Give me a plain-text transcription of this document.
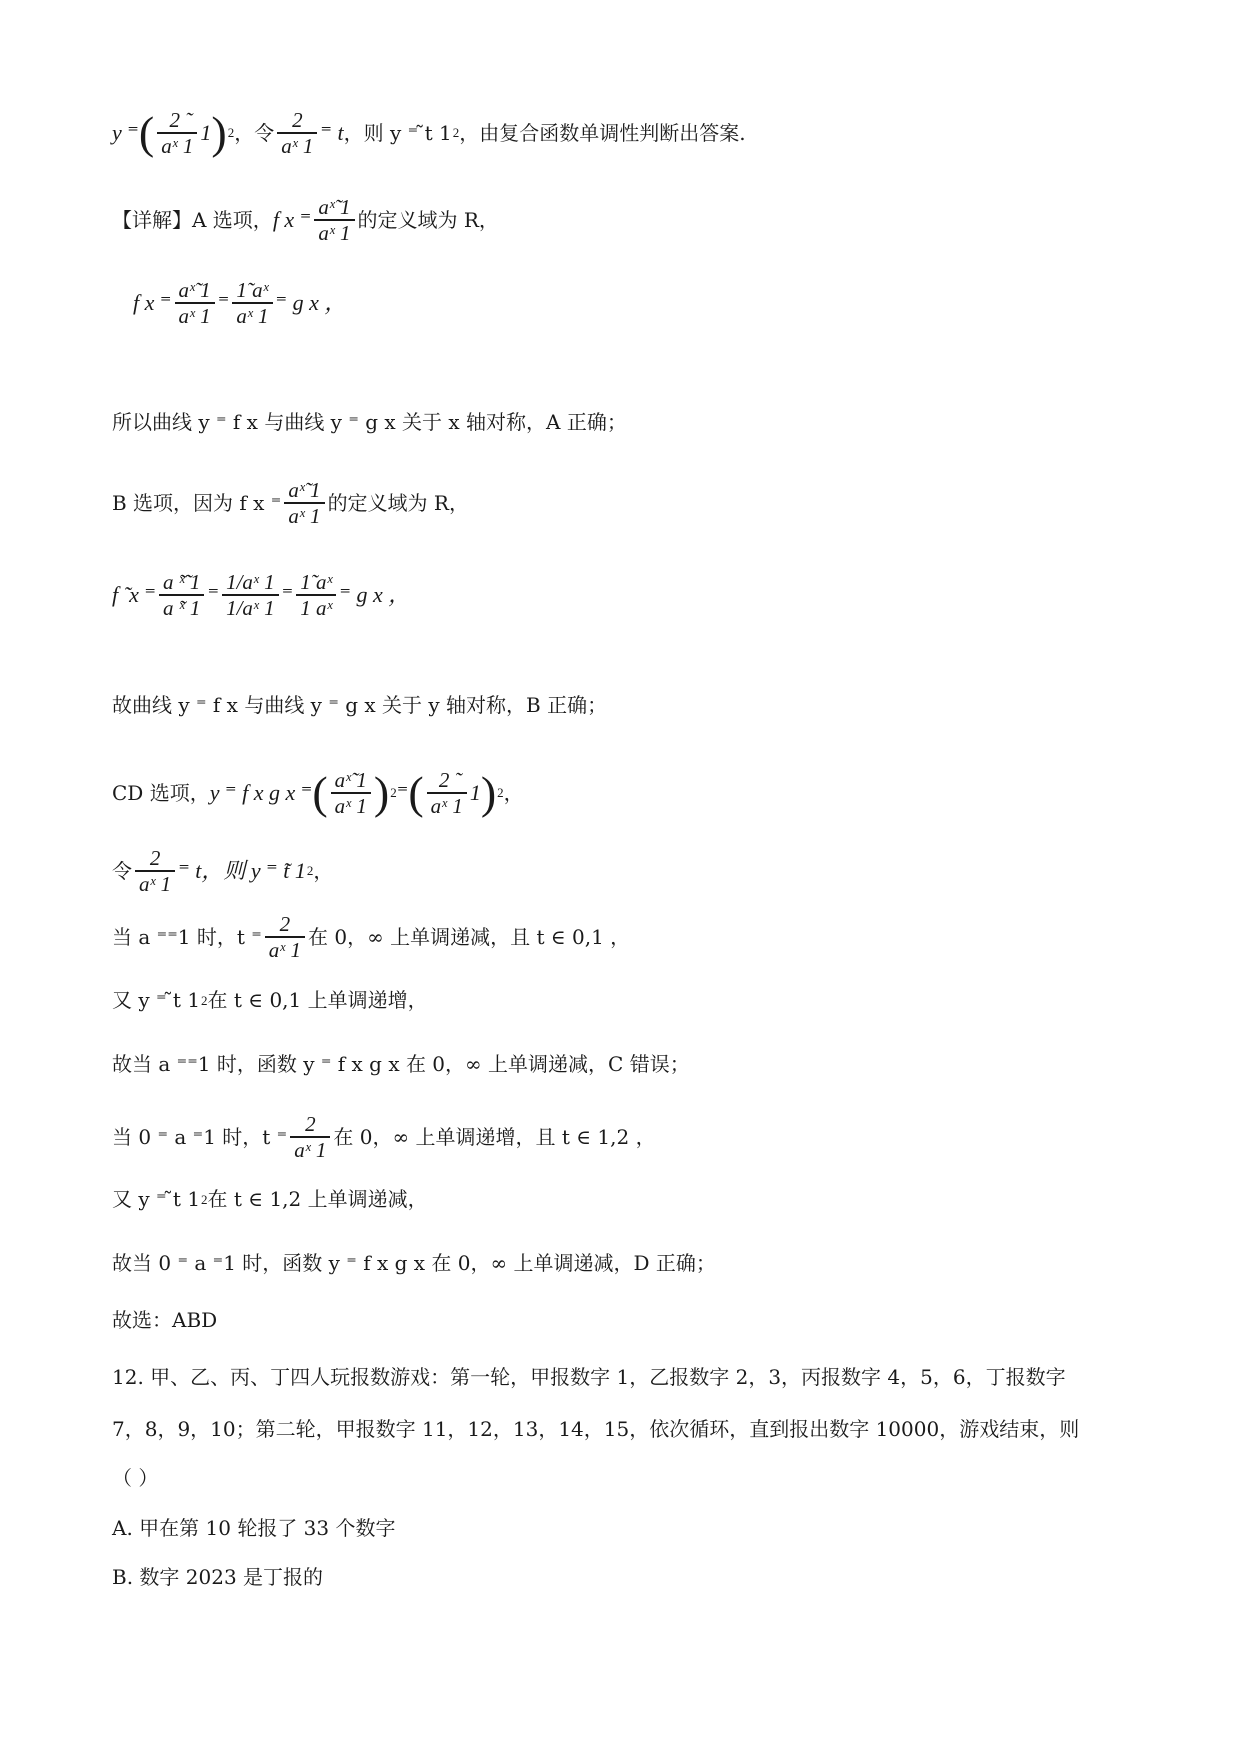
y ⁼ ( $\frac{2 ̃}{\text{aˣ 1}} 1$ ) 2 ，令 $\frac{2}{\text{aˣ 1}}$ ⁼ t ，则 y ⁼ ̃t 1 2 ，由复合函数单调性判断出答案.
【详解】A 选项， f x ⁼ $\frac{\text{aˣ̃ 1}}{\text{aˣ 1}}$ 的定义域为 R，
f x ⁼ $\frac{\text{aˣ̃ 1}}{\text{aˣ 1}}$ ⁼ $\frac{\text{1̃ aˣ}}{\text{aˣ 1}}$ ⁼ g x ，
所以曲线 y ⁼ f x 与曲线 y ⁼ g x 关于 x 轴对称，A 正确；
B 选项，因为 f x ⁼ $\frac{\text{aˣ̃ 1}}{\text{aˣ 1}}$ 的定义域为 R，
f ̃ x ⁼ $\frac{\text{a ̃ˣ̃ 1}}{\text{a ̃ˣ 1}}$ ⁼ $\frac{\text{1/aˣ 1}}{\text{1/aˣ 1}}$ ⁼ $\frac{\text{1̃ aˣ}}{\text{1 aˣ}}$ ⁼ g x ，
故曲线 y ⁼ f x 与曲线 y ⁼ g x 关于 y 轴对称，B 正确；
CD 选项， y ⁼ f x g x ⁼ ( $\frac{\text{aˣ̃ 1}}{\text{aˣ 1}}$ ) 2 ⁼ ( $\frac{2 ̃}{\text{aˣ 1}} 1$ ) 2 ，
令 $\frac{2}{\text{aˣ 1}}$ ⁼ t，则 y ⁼ ̃t 1 2 ，
当 a ⁼⁼1 时，t ⁼ $\frac{2}{\text{aˣ 1}}$ 在 0，∞ 上单调递减，且 t ∈ 0,1 ，
又 y ⁼ ̃t 1 2 在 t ∈ 0,1 上单调递增，
故当 a ⁼⁼1 时，函数 y ⁼ f x g x 在 0，∞ 上单调递减，C 错误；
当 0 ⁼ a ⁼1 时，t ⁼ $\frac{2}{\text{aˣ 1}}$ 在 0，∞ 上单调递增，且 t ∈ 1,2 ，
又 y ⁼ ̃t 1 2 在 t ∈ 1,2 上单调递减，
故当 0 ⁼ a ⁼1 时，函数 y ⁼ f x g x 在 0，∞ 上单调递减，D 正确；
故选：ABD
12. 甲、乙、丙、丁四人玩报数游戏：第一轮，甲报数字 1，乙报数字 2，3，丙报数字 4，5，6，丁报数字
7，8，9，10；第二轮，甲报数字 11，12，13，14，15，依次循环，直到报出数字 10000，游戏结束，则
（ ）
A. 甲在第 10 轮报了 33 个数字
B. 数字 2023 是丁报的
